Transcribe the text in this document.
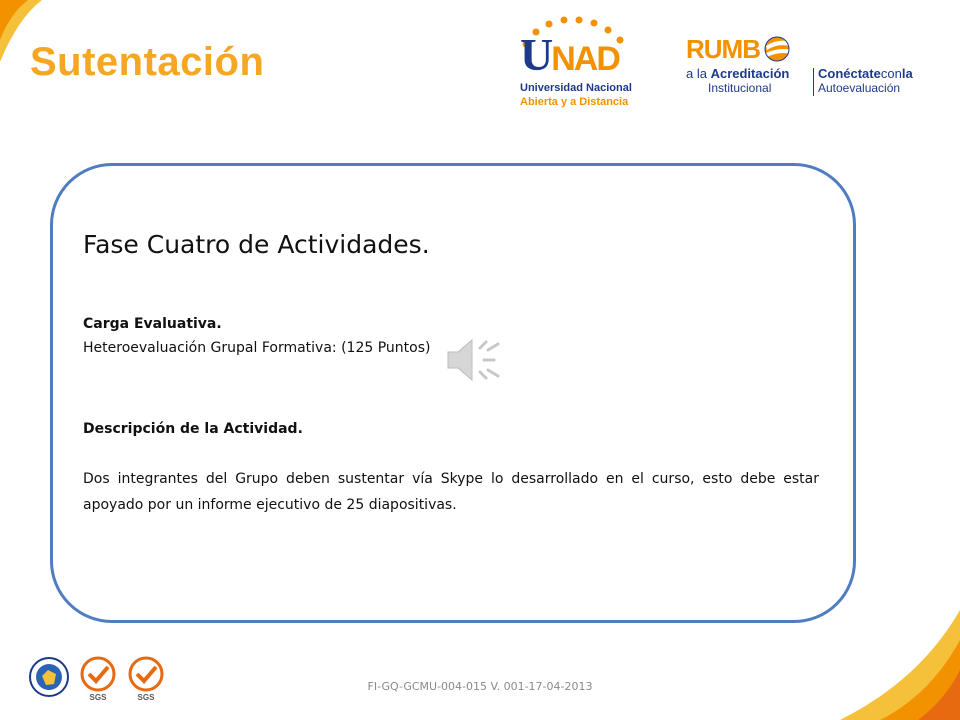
Sutentación	UNAD
Universidad Nacional
Abierta y a Distancia
RUMB
a la Acreditación
Institucional
Conéctateconla
Autoevaluación
Fase Cuatro de Actividades.
Carga Evaluativa.
Heteroevaluación Grupal Formativa: (125 Puntos)
Descripción de la Actividad.
Dos integrantes del Grupo deben sustentar vía Skype lo desarrollado en el curso, esto debe estar apoyado por un informe ejecutivo de 25 diapositivas.
SGS	SGS
FI-GQ-GCMU-004-015 V. 001-17-04-2013
